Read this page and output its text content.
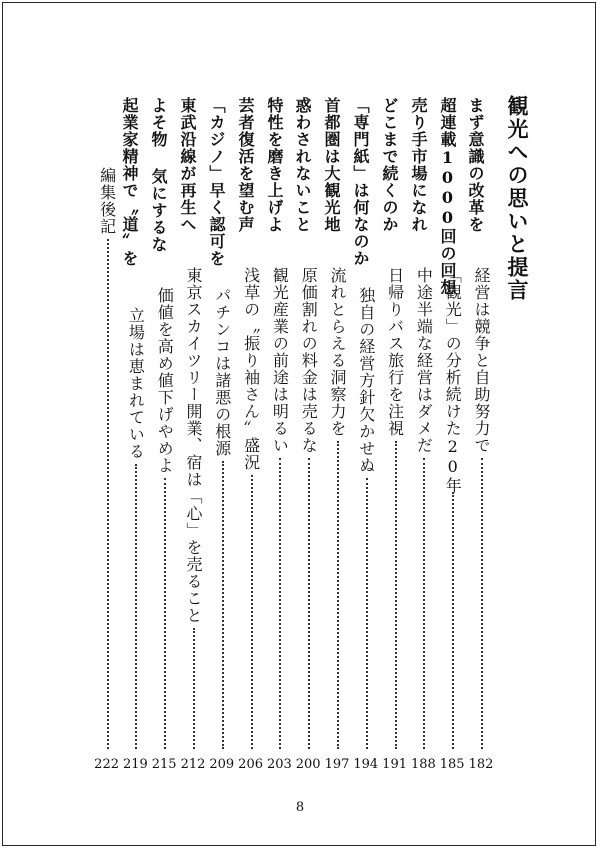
観光への思いと提言
経営は競争と自助努力で
182
「観光」の分析続けた20年
185
中途半端な経営はダメだ
188
日帰りバス旅行を注視
191
独自の経営方針欠かせぬ
194
流れとらえる洞察力を
197
原価割れの料金は売るな
200
観光産業の前途は明るい
203
浅草の〝振り袖さん〟盛況
206
パチンコは諸悪の根源
209
東京スカイツリー開業、宿は「心」を売ること
212
価値を高め値下げやめよ
215
立場は恵まれている
219
編集後記
222
8
まず意識の改革を
超連載1000回の回想
売り手市場になれ
どこまで続くのか
「専門紙」は何なのか
首都圏は大観光地
惑わされないこと
特性を磨き上げよ
芸者復活を望む声
「カジノ」早く認可を
東武沿線が再生へ
よそ物 気にするな
起業家精神で〝道〟を
